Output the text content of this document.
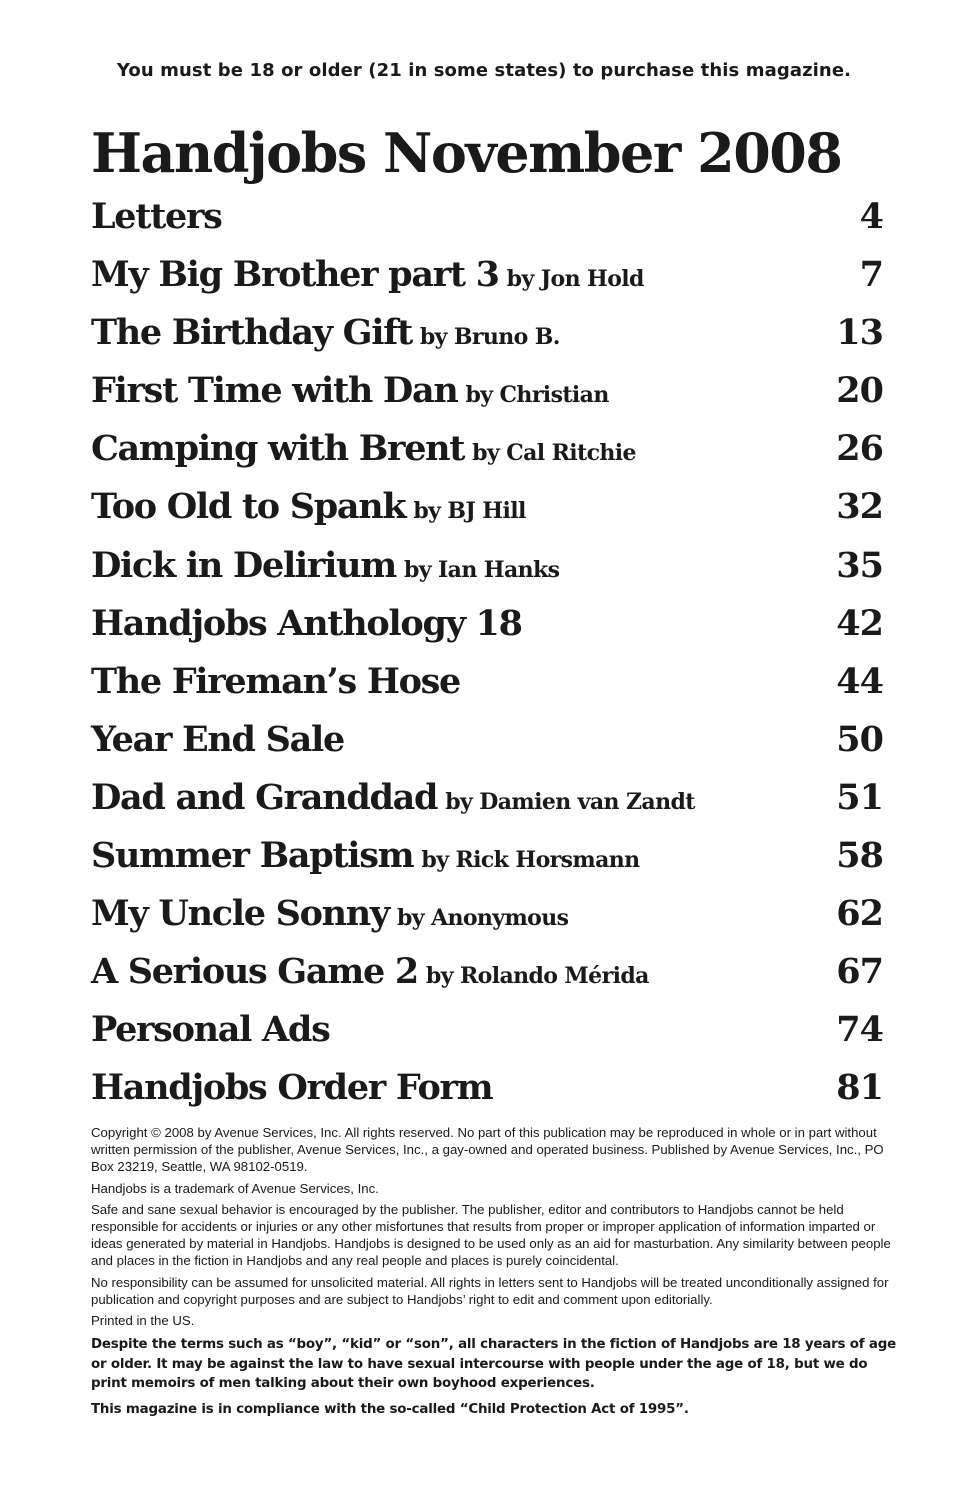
You must be 18 or older (21 in some states) to purchase this magazine.
Handjobs November 2008
Letters	4
My Big Brother part 3 by Jon Hold	7
The Birthday Gift by Bruno B.	13
First Time with Dan by Christian	20
Camping with Brent by Cal Ritchie	26
Too Old to Spank by BJ Hill	32
Dick in Delirium by Ian Hanks	35
Handjobs Anthology 18	42
The Fireman’s Hose	44
Year End Sale	50
Dad and Granddad by Damien van Zandt	51
Summer Baptism by Rick Horsmann	58
My Uncle Sonny by Anonymous	62
A Serious Game 2 by Rolando Mérida	67
Personal Ads	74
Handjobs Order Form	81

Copyright © 2008 by Avenue Services, Inc. All rights reserved. No part of this publication may be reproduced in whole or in part without written permission of the publisher, Avenue Services, Inc., a gay-owned and operated business. Published by Avenue Services, Inc., PO Box 23219, Seattle, WA 98102-0519.

Handjobs is a trademark of Avenue Services, Inc.

Safe and sane sexual behavior is encouraged by the publisher. The publisher, editor and contributors to Handjobs cannot be held responsible for accidents or injuries or any other misfortunes that results from proper or improper application of information imparted or ideas generated by material in Handjobs. Handjobs is designed to be used only as an aid for masturbation. Any similarity between people and places in the fiction in Handjobs and any real people and places is purely coincidental.

No responsibility can be assumed for unsolicited material. All rights in letters sent to Handjobs will be treated unconditionally assigned for publication and copyright purposes and are subject to Handjobs’ right to edit and comment upon editorially.

Printed in the US.

Despite the terms such as “boy”, “kid” or “son”, all characters in the fiction of Handjobs are 18 years of age or older. It may be against the law to have sexual intercourse with people under the age of 18, but we do print memoirs of men talking about their own boyhood experiences.

This magazine is in compliance with the so-called “Child Protection Act of 1995”.
